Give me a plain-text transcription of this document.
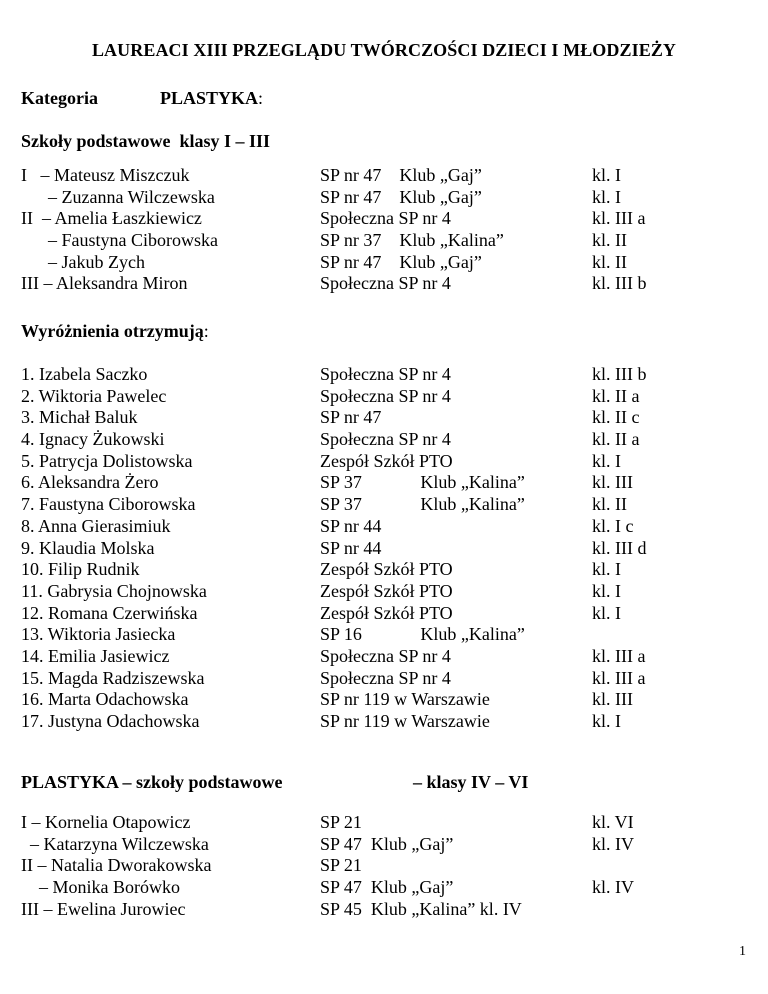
LAUREACI XIII PRZEGLĄDU TWÓRCZOŚCI DZIECI I MŁODZIEŻY
Kategoria	PLASTYKA:
Szkoły podstawowe  klasy I – III
I   – Mateusz Miszczuk	SP nr 47    Klub „Gaj”	kl. I
– Zuzanna Wilczewska	SP nr 47    Klub „Gaj”	kl. I
II  – Amelia Łaszkiewicz	Społeczna SP nr 4	kl. III a
– Faustyna Ciborowska	SP nr 37    Klub „Kalina”	kl. II
– Jakub Zych	SP nr 47    Klub „Gaj”	kl. II
III – Aleksandra Miron	Społeczna SP nr 4	kl. III b
Wyróżnienia otrzymują:
1. Izabela Saczko	Społeczna SP nr 4	kl. III b
2. Wiktoria Pawelec	Społeczna SP nr 4	kl. II a
3. Michał Baluk	SP nr 47	kl. II c
4. Ignacy Żukowski	Społeczna SP nr 4	kl. II a
5. Patrycja Dolistowska	Zespół Szkół PTO	kl. I
6. Aleksandra Żero	SP 37             Klub „Kalina”	kl. III
7. Faustyna Ciborowska	SP 37             Klub „Kalina”	kl. II
8. Anna Gierasimiuk	SP nr 44	kl. I c
9. Klaudia Molska	SP nr 44	kl. III d
10. Filip Rudnik	Zespół Szkół PTO	kl. I
11. Gabrysia Chojnowska	Zespół Szkół PTO	kl. I
12. Romana Czerwińska	Zespół Szkół PTO	kl. I
13. Wiktoria Jasiecka	SP 16             Klub „Kalina”
14. Emilia Jasiewicz	Społeczna SP nr 4	kl. III a
15. Magda Radziszewska	Społeczna SP nr 4	kl. III a
16. Marta Odachowska	SP nr 119 w Warszawie	kl. III
17. Justyna Odachowska	SP nr 119 w Warszawie	kl. I
PLASTYKA – szkoły podstawowe	– klasy IV – VI
I – Kornelia Otapowicz	SP 21	kl. VI
– Katarzyna Wilczewska	SP 47  Klub „Gaj”	kl. IV
II – Natalia Dworakowska	SP 21
– Monika Borówko	SP 47  Klub „Gaj”	kl. IV
III – Ewelina Jurowiec	SP 45  Klub „Kalina” kl. IV
1
